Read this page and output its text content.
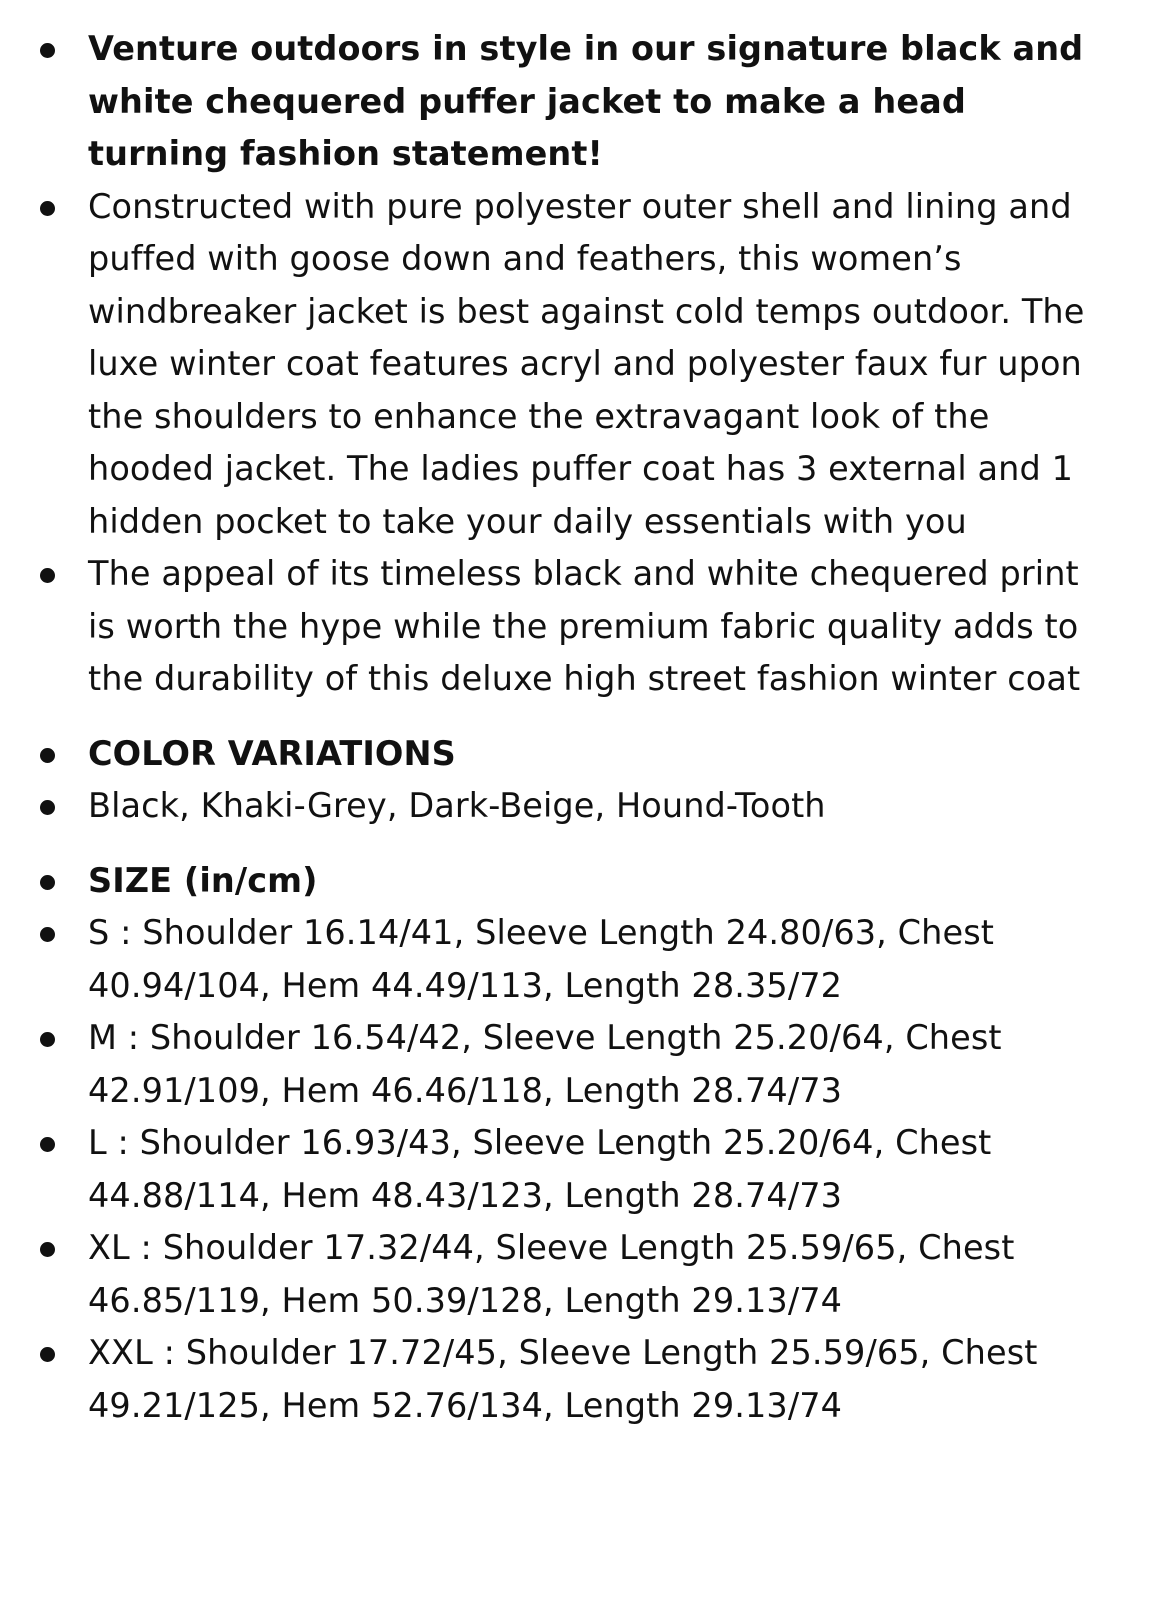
Venture outdoors in style in our signature black and white chequered puffer jacket to make a head turning fashion statement!
Constructed with pure polyester outer shell and lining and puffed with goose down and feathers, this women’s windbreaker jacket is best against cold temps outdoor. The luxe winter coat features acryl and polyester faux fur upon the shoulders to enhance the extravagant look of the hooded jacket. The ladies puffer coat has 3 external and 1 hidden pocket to take your daily essentials with you
The appeal of its timeless black and white chequered print is worth the hype while the premium fabric quality adds to the durability of this deluxe high street fashion winter coat
COLOR VARIATIONS
Black, Khaki-Grey, Dark-Beige, Hound-Tooth
SIZE (in/cm)
S : Shoulder 16.14/41, Sleeve Length 24.80/63, Chest 40.94/104, Hem 44.49/113, Length 28.35/72
M : Shoulder 16.54/42, Sleeve Length 25.20/64, Chest 42.91/109, Hem 46.46/118, Length 28.74/73
L : Shoulder 16.93/43, Sleeve Length 25.20/64, Chest 44.88/114, Hem 48.43/123, Length 28.74/73
XL : Shoulder 17.32/44, Sleeve Length 25.59/65, Chest 46.85/119, Hem 50.39/128, Length 29.13/74
XXL : Shoulder 17.72/45, Sleeve Length 25.59/65, Chest 49.21/125, Hem 52.76/134, Length 29.13/74
